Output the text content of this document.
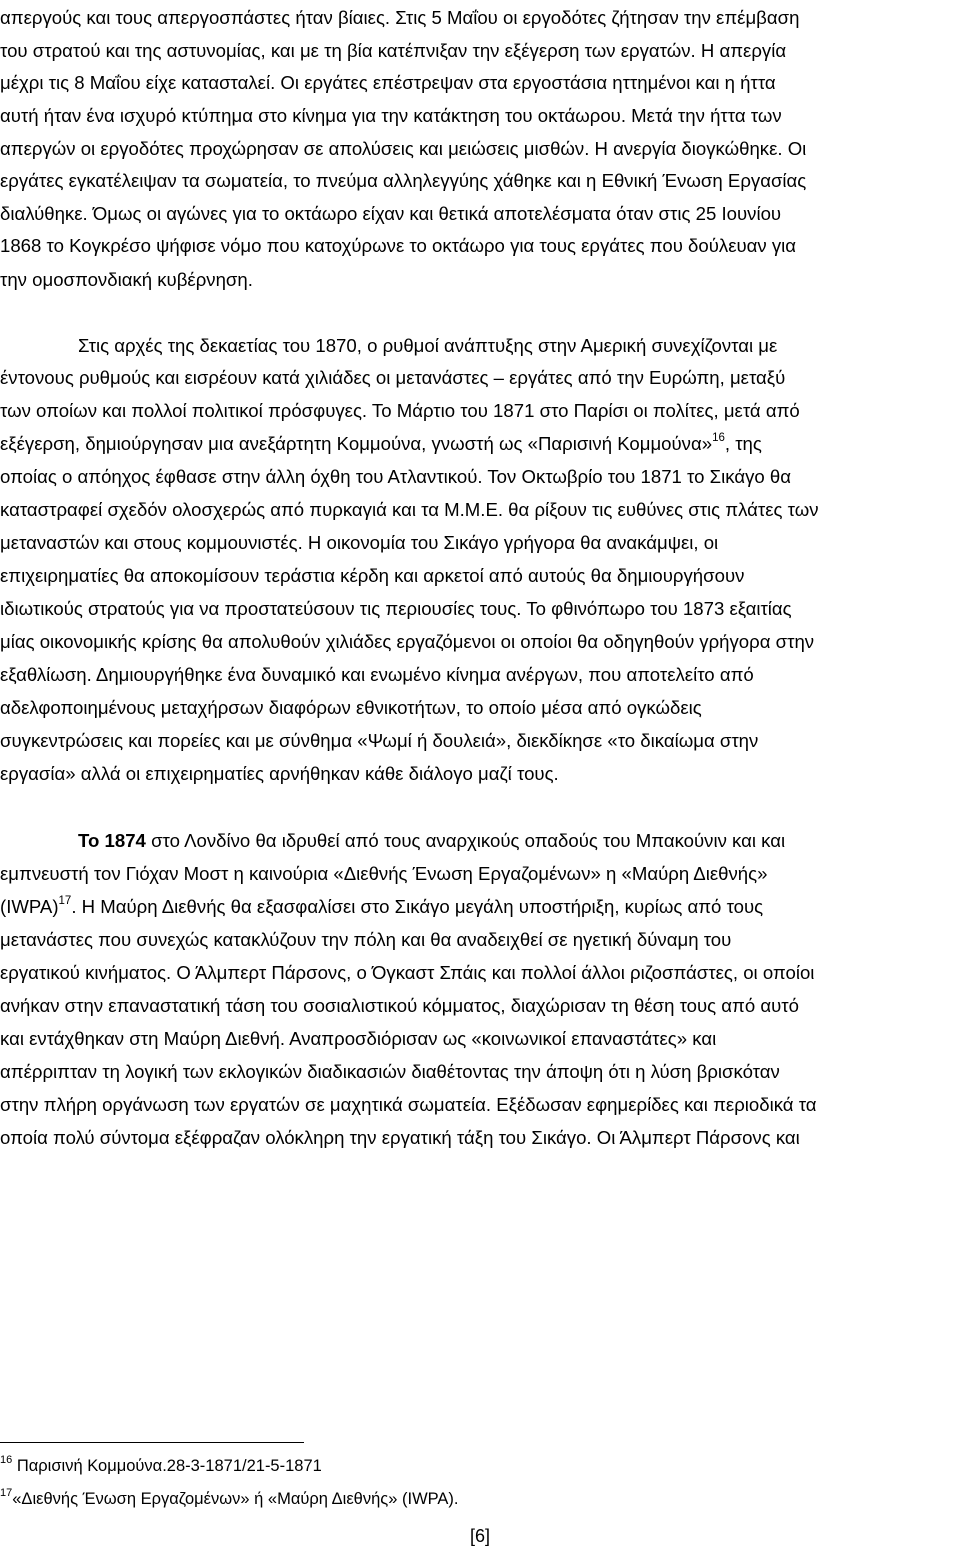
απεργούς και τους απεργοσπάστες ήταν βίαιες. Στις 5 Μαΐου οι εργοδότες ζήτησαν την επέμβαση
του στρατού και της αστυνομίας, και με τη βία κατέπνιξαν την εξέγερση των εργατών. Η απεργία
μέχρι τις 8 Μαΐου είχε κατασταλεί. Οι εργάτες επέστρεψαν στα εργοστάσια ηττημένοι και η ήττα
αυτή ήταν ένα ισχυρό κτύπημα στο κίνημα για την κατάκτηση του οκτάωρου. Μετά την ήττα των
απεργών οι εργοδότες προχώρησαν σε απολύσεις και μειώσεις μισθών. Η ανεργία διογκώθηκε. Οι
εργάτες εγκατέλειψαν τα σωματεία, το πνεύμα αλληλεγγύης χάθηκε και η Εθνική Ένωση Εργασίας
διαλύθηκε. Όμως οι αγώνες για το οκτάωρο είχαν και θετικά αποτελέσματα όταν στις 25 Ιουνίου
1868 το Κογκρέσο ψήφισε νόμο που κατοχύρωνε το οκτάωρο για τους εργάτες που δούλευαν για
την ομοσπονδιακή κυβέρνηση.
Στις αρχές της δεκαετίας του 1870, ο ρυθμοί ανάπτυξης στην Αμερική συνεχίζονται με
έντονους ρυθμούς και εισρέουν κατά χιλιάδες οι μετανάστες – εργάτες από την Ευρώπη, μεταξύ
των οποίων και πολλοί πολιτικοί πρόσφυγες. Το Μάρτιο του 1871 στο Παρίσι οι πολίτες, μετά από
εξέγερση, δημιούργησαν μια ανεξάρτητη Κομμούνα, γνωστή ως «Παρισινή Κομμούνα»$^{16}$, της
οποίας ο απόηχος έφθασε στην άλλη όχθη του Ατλαντικού. Τον Οκτωβρίο του 1871 το Σικάγο θα
καταστραφεί σχεδόν ολοσχερώς από πυρκαγιά και τα Μ.Μ.Ε. θα ρίξουν τις ευθύνες στις πλάτες των
μεταναστών και στους κομμουνιστές. Η οικονομία του Σικάγο γρήγορα θα ανακάμψει, οι
επιχειρηματίες θα αποκομίσουν τεράστια κέρδη και αρκετοί από αυτούς θα δημιουργήσουν
ιδιωτικούς στρατούς για να προστατεύσουν τις περιουσίες τους. Το φθινόπωρο του 1873 εξαιτίας
μίας οικονομικής κρίσης θα απολυθούν χιλιάδες εργαζόμενοι οι οποίοι θα οδηγηθούν γρήγορα στην
εξαθλίωση. Δημιουργήθηκε ένα δυναμικό και ενωμένο κίνημα ανέργων, που αποτελείτο από
αδελφοποιημένους μεταχήρσων διαφόρων εθνικοτήτων, το οποίο μέσα από ογκώδεις
συγκεντρώσεις και πορείες και με σύνθημα «Ψωμί ή δουλειά», διεκδίκησε «το δικαίωμα στην
εργασία» αλλά οι επιχειρηματίες αρνήθηκαν κάθε διάλογο μαζί τους.
Το 1874 στο Λονδίνο θα ιδρυθεί από τους αναρχικούς οπαδούς του Μπακούνιν και και
εμπνευστή τον Γιόχαν Μοστ η καινούρια «Διεθνής Ένωση Εργαζομένων» η «Μαύρη Διεθνής»
(IWPA)$^{17}$. Η Μαύρη Διεθνής θα εξασφαλίσει στο Σικάγο μεγάλη υποστήριξη, κυρίως από τους
μετανάστες που συνεχώς κατακλύζουν την πόλη και θα αναδειχθεί σε ηγετική δύναμη του
εργατικού κινήματος. Ο Άλμπερτ Πάρσονς, ο Όγκαστ Σπάις και πολλοί άλλοι ριζοσπάστες, οι οποίοι
ανήκαν στην επαναστατική τάση του σοσιαλιστικού κόμματος, διαχώρισαν τη θέση τους από αυτό
και εντάχθηκαν στη Μαύρη Διεθνή. Αναπροσδιόρισαν ως «κοινωνικοί επαναστάτες» και
απέρριπταν τη λογική των εκλογικών διαδικασιών διαθέτοντας την άποψη ότι η λύση βρισκόταν
στην πλήρη οργάνωση των εργατών σε μαχητικά σωματεία. Εξέδωσαν εφημερίδες και περιοδικά τα
οποία πολύ σύντομα εξέφραζαν ολόκληρη την εργατική τάξη του Σικάγο. Οι Άλμπερτ Πάρσονς και
$^{16}$ Παρισινή Κομμούνα.28-3-1871/21-5-1871
$^{17}$«Διεθνής Ένωση Εργαζομένων» ή «Μαύρη Διεθνής» (IWPA).
[6]
